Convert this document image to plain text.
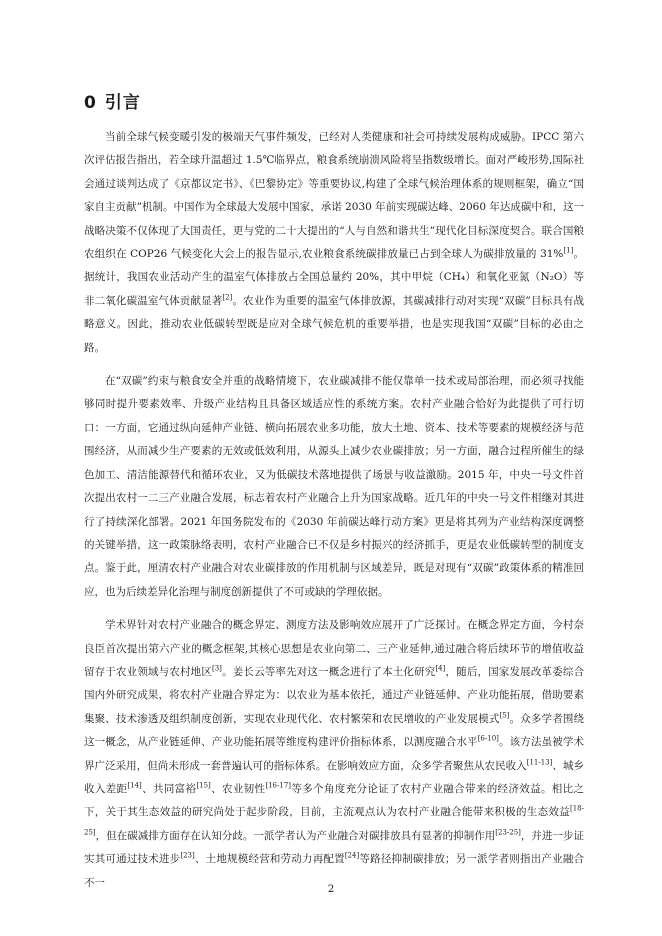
0 引言

当前全球气候变暖引发的极端天气事件频发，已经对人类健康和社会可持续发展构成威胁。IPCC 第六次评估报告指出，若全球升温超过 1.5℃临界点，粮食系统崩溃风险将呈指数级增长。面对严峻形势,国际社会通过谈判达成了《京都议定书》、《巴黎协定》等重要协议,构建了全球气候治理体系的规则框架，确立“国家自主贡献”机制。中国作为全球最大发展中国家，承诺 2030 年前实现碳达峰、2060 年达成碳中和，这一战略决策不仅体现了大国责任，更与党的二十大提出的“人与自然和谐共生”现代化目标深度契合。联合国粮农组织在 COP26 气候变化大会上的报告显示,农业粮食系统碳排放量已占到全球人为碳排放量的 31%[1]。据统计，我国农业活动产生的温室气体排放占全国总量约 20%，其中甲烷（CH₄）和氧化亚氮（N₂O）等非二氧化碳温室气体贡献显著[2]。农业作为重要的温室气体排放源，其碳减排行动对实现“双碳”目标具有战略意义。因此，推动农业低碳转型既是应对全球气候危机的重要举措，也是实现我国“双碳”目标的必由之路。

在“双碳”约束与粮食安全并重的战略情境下，农业碳减排不能仅靠单一技术或局部治理，而必须寻找能够同时提升要素效率、升级产业结构且具备区域适应性的系统方案。农村产业融合恰好为此提供了可行切口：一方面，它通过纵向延伸产业链、横向拓展农业多功能，放大土地、资本、技术等要素的规模经济与范围经济，从而减少生产要素的无效或低效利用，从源头上减少农业碳排放；另一方面，融合过程所催生的绿色加工、清洁能源替代和循环农业，又为低碳技术落地提供了场景与收益激励。2015 年，中央一号文件首次提出农村一二三产业融合发展，标志着农村产业融合上升为国家战略。近几年的中央一号文件相继对其进行了持续深化部署。2021 年国务院发布的《2030 年前碳达峰行动方案》更是将其列为产业结构深度调整的关键举措，这一政策脉络表明，农村产业融合已不仅是乡村振兴的经济抓手，更是农业低碳转型的制度支点。鉴于此，厘清农村产业融合对农业碳排放的作用机制与区域差异，既是对现有“双碳”政策体系的精准回应，也为后续差异化治理与制度创新提供了不可或缺的学理依据。

学术界针对农村产业融合的概念界定、测度方法及影响效应展开了广泛探讨。在概念界定方面，今村奈良臣首次提出第六产业的概念框架,其核心思想是农业向第二、三产业延伸,通过融合将后续环节的增值收益留存于农业领域与农村地区[3]。姜长云等率先对这一概念进行了本土化研究[4]，随后，国家发展改革委综合国内外研究成果，将农村产业融合界定为：以农业为基本依托，通过产业链延伸、产业功能拓展，借助要素集聚、技术渗透及组织制度创新，实现农业现代化、农村繁荣和农民增收的产业发展模式[5]。众多学者围绕这一概念，从产业链延伸、产业功能拓展等维度构建评价指标体系，以测度融合水平[6-10]。该方法虽被学术界广泛采用，但尚未形成一套普遍认可的指标体系。在影响效应方面，众多学者聚焦从农民收入[11-13]、城乡收入差距[14]、共同富裕[15]、农业韧性[16-17]等多个角度充分论证了农村产业融合带来的经济效益。相比之下，关于其生态效益的研究尚处于起步阶段，目前，主流观点认为农村产业融合能带来积极的生态效益[18-25]，但在碳减排方面存在认知分歧。一派学者认为产业融合对碳排放具有显著的抑制作用[23-25]，并进一步证实其可通过技术进步[23]、土地规模经营和劳动力再配置[24]等路径抑制碳排放；另一派学者则指出产业融合不一

2
